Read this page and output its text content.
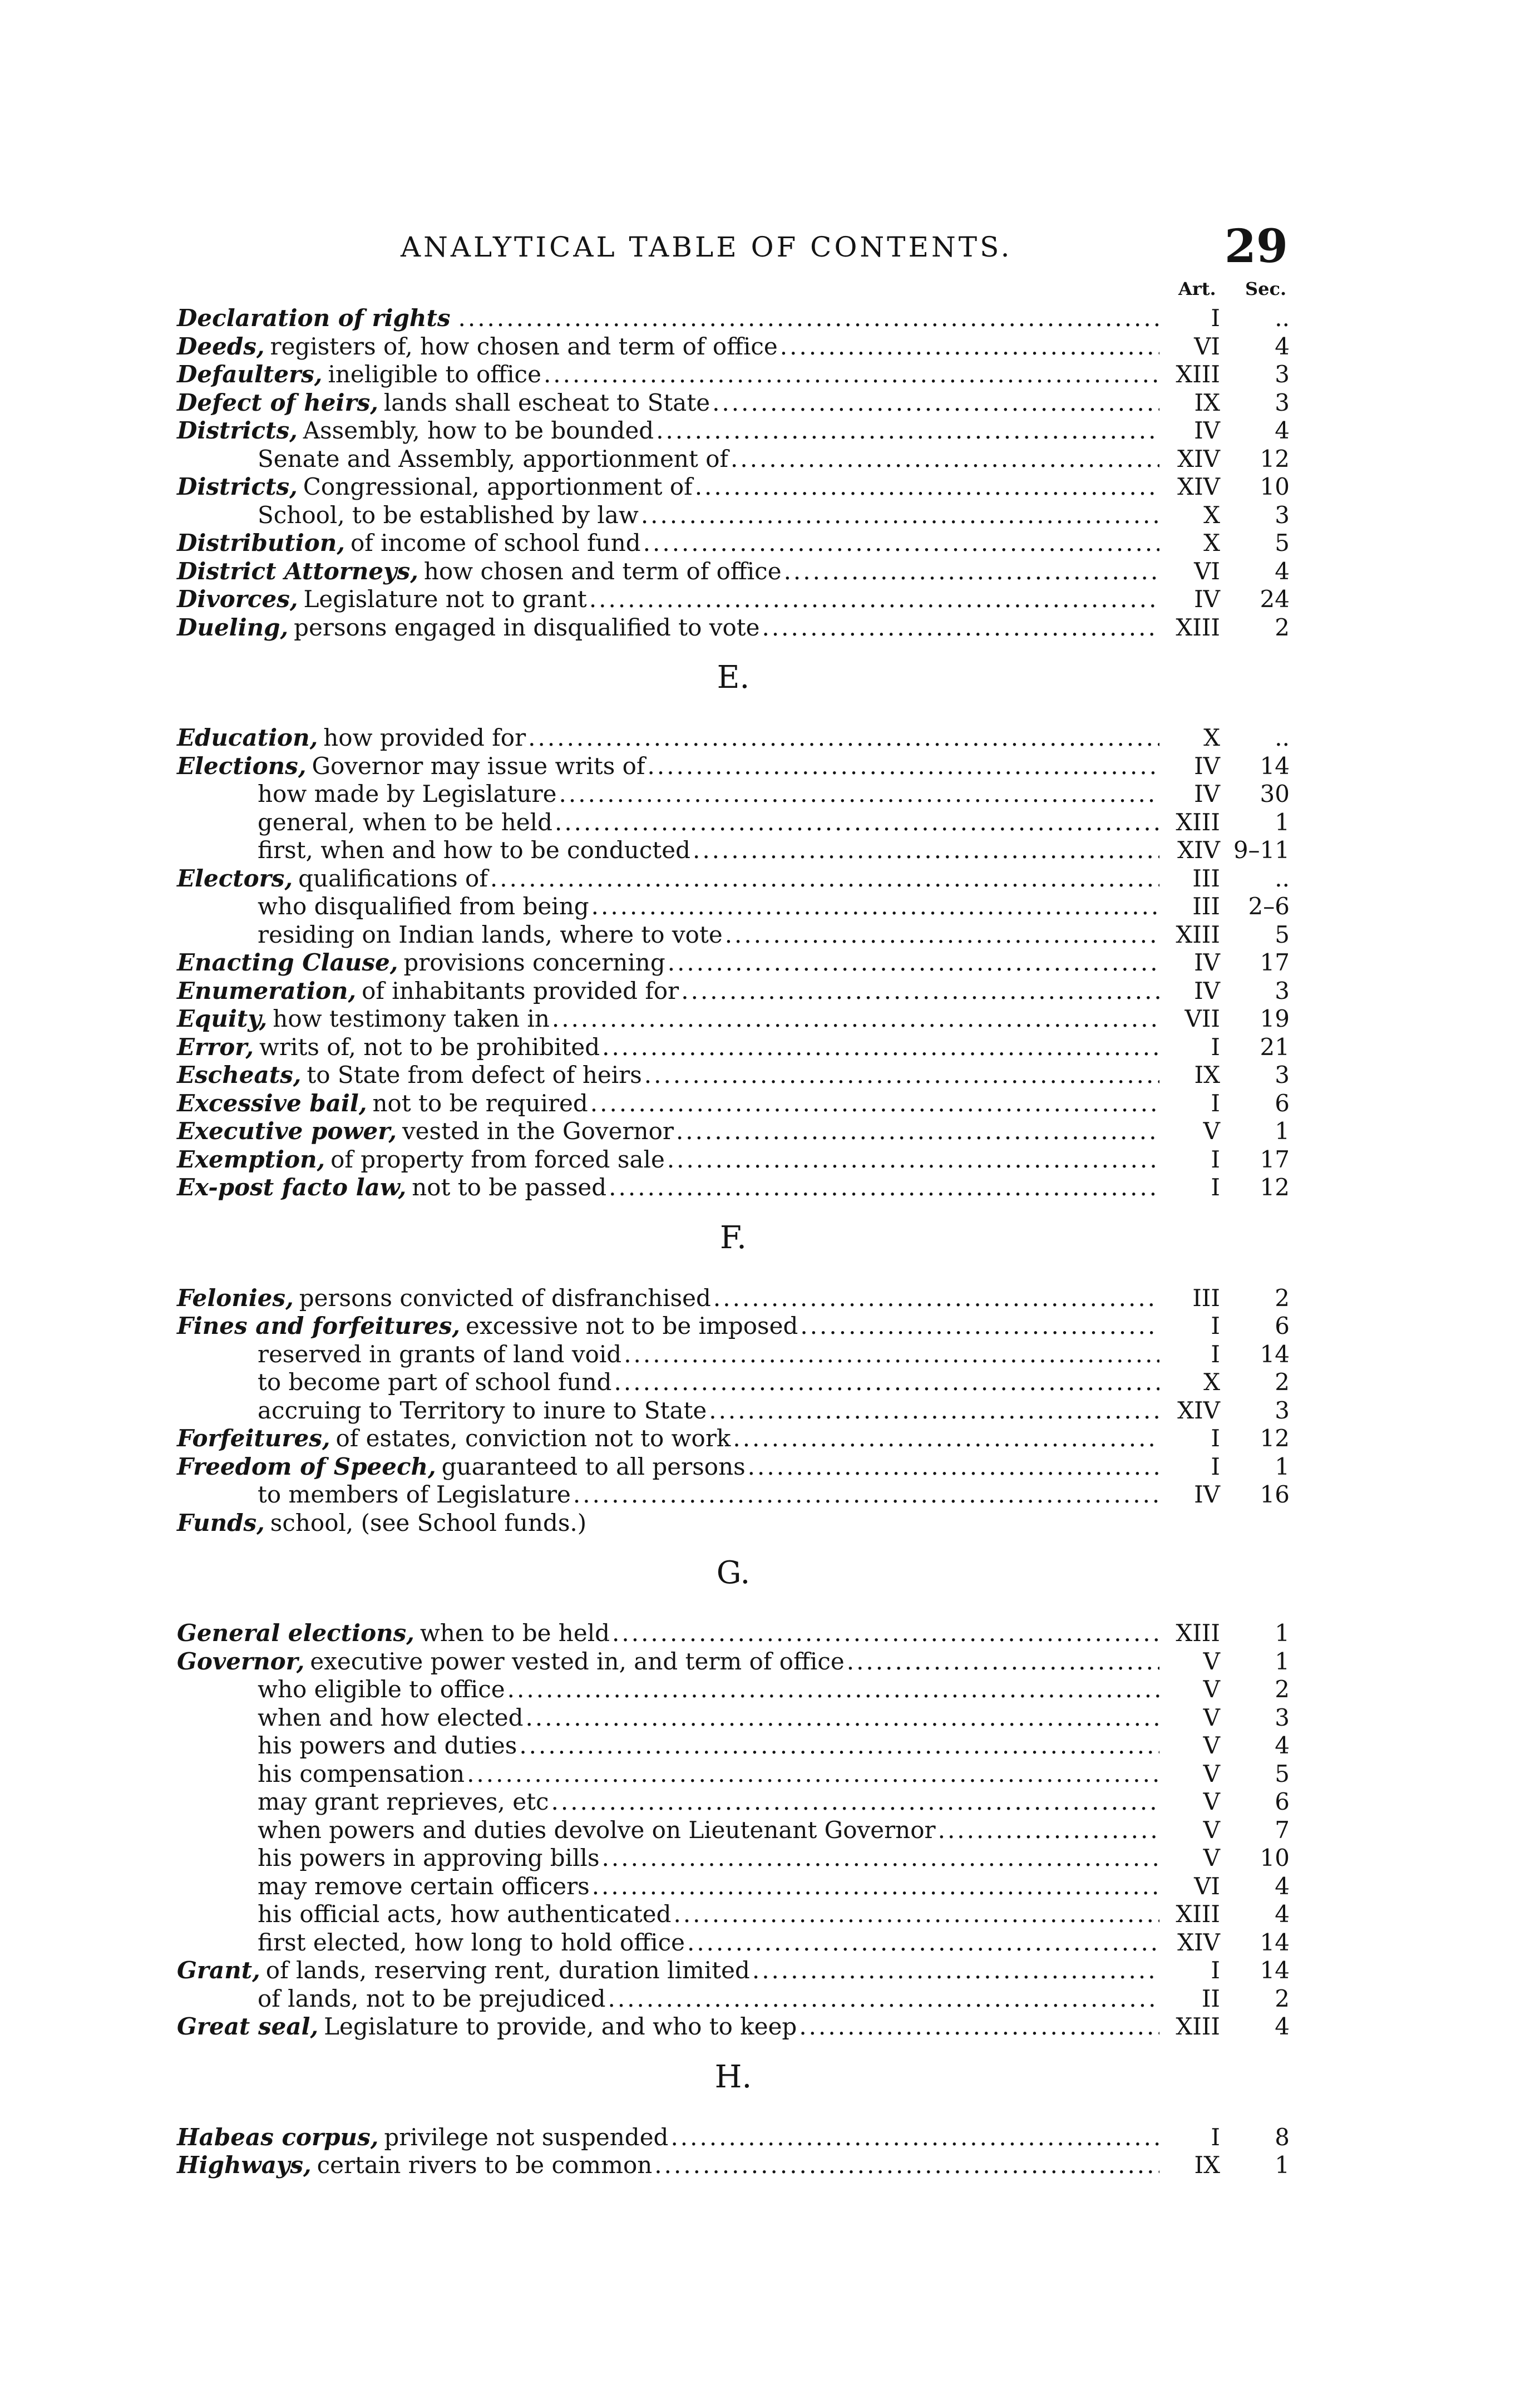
ANALYTICAL TABLE OF CONTENTS.	29
Art. Sec.
Declaration of rights .....	I	..
Deeds, registers of, how chosen and term of office .....	VI	4
Defaulters, ineligible to office .....	XIII	3
Defect of heirs, lands shall escheat to State .....	IX	3
Districts, Assembly, how to be bounded .....	IV	4
Senate and Assembly, apportionment of .....	XIV	12
Districts, Congressional, apportionment of .....	XIV	10
School, to be established by law .....	X	3
Distribution, of income of school fund .....	X	5
District Attorneys, how chosen and term of office .....	VI	4
Divorces, Legislature not to grant .....	IV	24
Dueling, persons engaged in disqualified to vote .....	XIII	2
E.
Education, how provided for .....	X	..
Elections, Governor may issue writs of .....	IV	14
how made by Legislature .....	IV	30
general, when to be held .....	XIII	1
first, when and how to be conducted .....	XIV 9–11
Electors, qualifications of .....	III	..
who disqualified from being .....	III	2–6
residing on Indian lands, where to vote .....	XIII	5
Enacting Clause, provisions concerning .....	IV	17
Enumeration, of inhabitants provided for .....	IV	3
Equity, how testimony taken in .....	VII	19
Error, writs of, not to be prohibited .....	I	21
Escheats, to State from defect of heirs .....	IX	3
Excessive bail, not to be required .....	I	6
Executive power, vested in the Governor .....	V	1
Exemption, of property from forced sale .....	I	17
Ex-post facto law, not to be passed .....	I	12
F.
Felonies, persons convicted of disfranchised .....	III	2
Fines and forfeitures, excessive not to be imposed .....	I	6
reserved in grants of land void .....	I	14
to become part of school fund .....	X	2
accruing to Territory to inure to State .....	XIV	3
Forfeitures, of estates, conviction not to work .....	I	12
Freedom of Speech, guaranteed to all persons .....	I	1
to members of Legislature .....	IV	16
Funds, school, (see School funds.)
G.
General elections, when to be held .....	XIII	1
Governor, executive power vested in, and term of office .....	V	1
who eligible to office .....	V	2
when and how elected .....	V	3
his powers and duties .....	V	4
his compensation .....	V	5
may grant reprieves, etc .....	V	6
when powers and duties devolve on Lieutenant Governor .....	V	7
his powers in approving bills .....	V	10
may remove certain officers .....	VI	4
his official acts, how authenticated .....	XIII	4
first elected, how long to hold office .....	XIV	14
Grant, of lands, reserving rent, duration limited .....	I	14
of lands, not to be prejudiced .....	II	2
Great seal, Legislature to provide, and who to keep .....	XIII	4
H.
Habeas corpus, privilege not suspended .....	I	8
Highways, certain rivers to be common .....	IX	1
